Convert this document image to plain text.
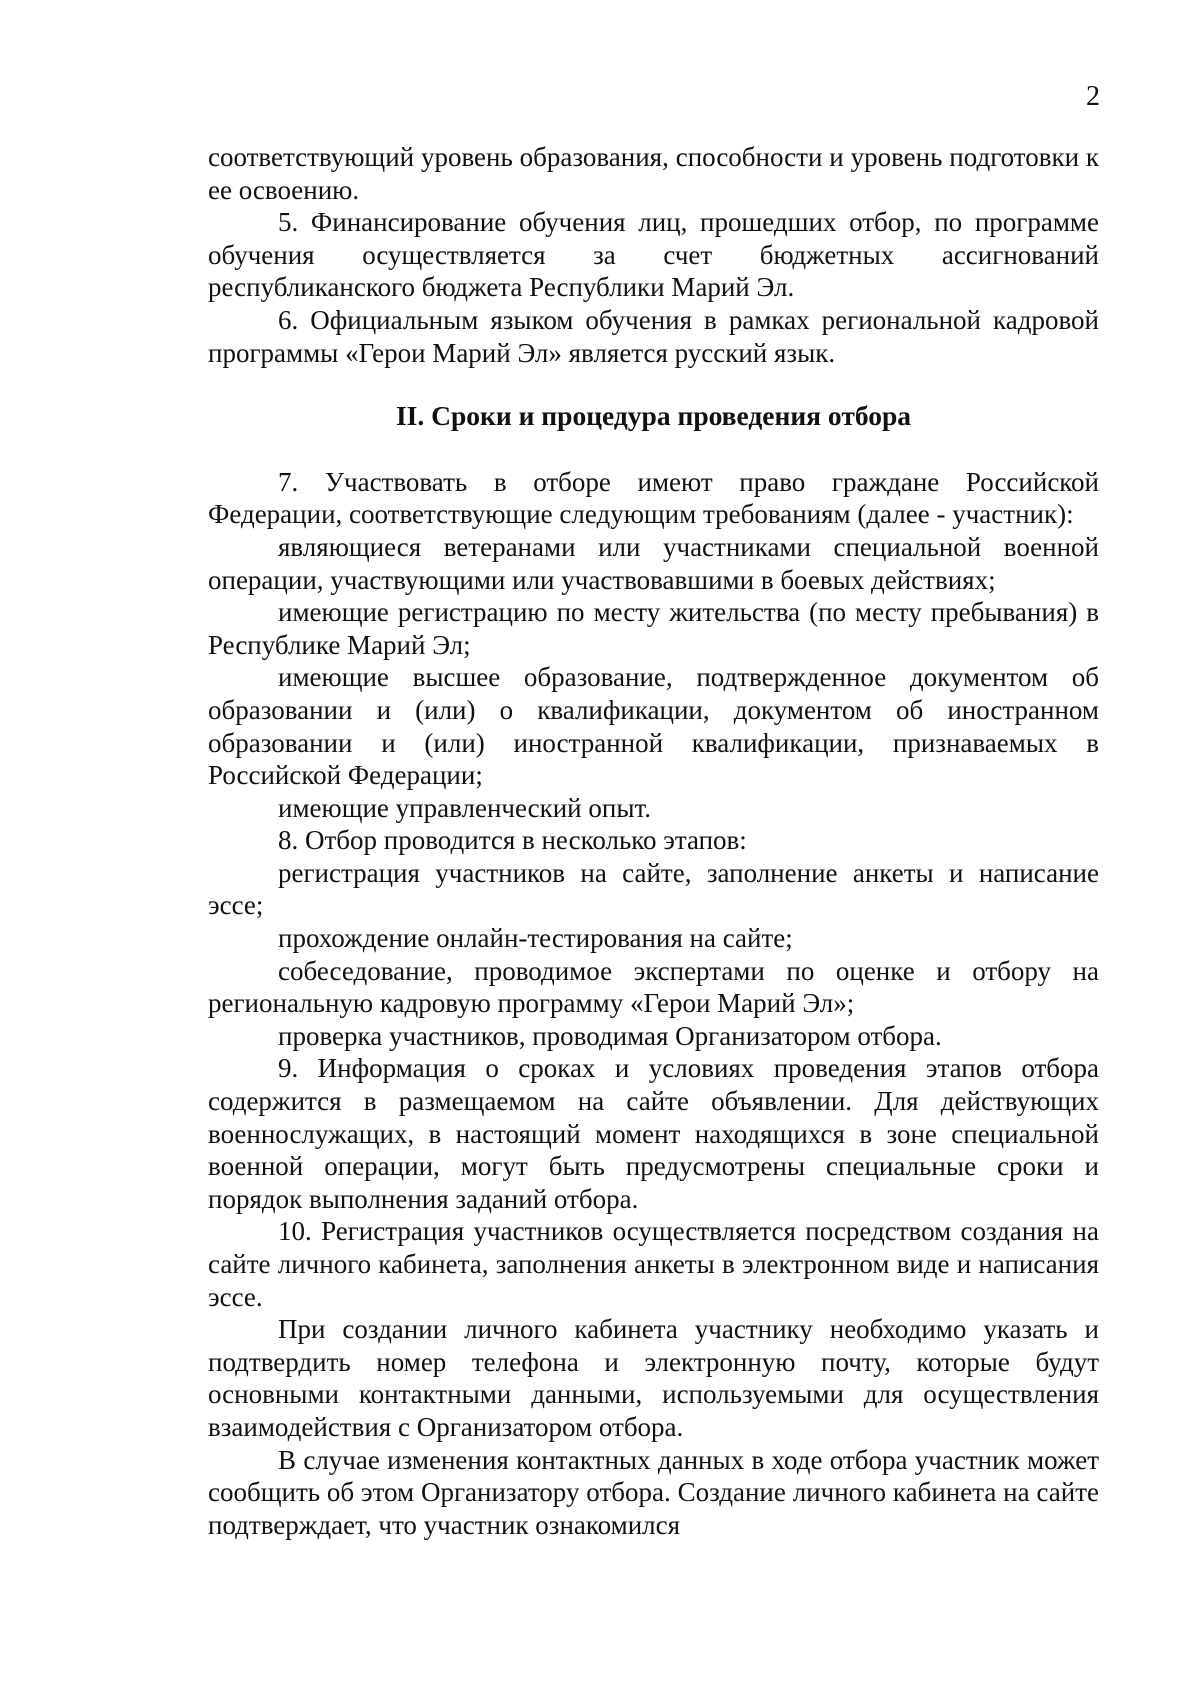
2

соответствующий уровень образования, способности и уровень подготовки к ее освоению.

5. Финансирование обучения лиц, прошедших отбор, по программе обучения осуществляется за счет бюджетных ассигнований республиканского бюджета Республики Марий Эл.

6. Официальным языком обучения в рамках региональной кадровой программы «Герои Марий Эл» является русский язык.

II. Сроки и процедура проведения отбора

7. Участвовать в отборе имеют право граждане Российской Федерации, соответствующие следующим требованиям (далее - участник):

являющиеся ветеранами или участниками специальной военной операции, участвующими или участвовавшими в боевых действиях;

имеющие регистрацию по месту жительства (по месту пребывания) в Республике Марий Эл;

имеющие высшее образование, подтвержденное документом об образовании и (или) о квалификации, документом об иностранном образовании и (или) иностранной квалификации, признаваемых в Российской Федерации;

имеющие управленческий опыт.

8. Отбор проводится в несколько этапов:

регистрация участников на сайте, заполнение анкеты и написание эссе;

прохождение онлайн-тестирования на сайте;

собеседование, проводимое экспертами по оценке и отбору на региональную кадровую программу «Герои Марий Эл»;

проверка участников, проводимая Организатором отбора.

9. Информация о сроках и условиях проведения этапов отбора содержится в размещаемом на сайте объявлении. Для действующих военнослужащих, в настоящий момент находящихся в зоне специальной военной операции, могут быть предусмотрены специальные сроки и порядок выполнения заданий отбора.

10. Регистрация участников осуществляется посредством создания на сайте личного кабинета, заполнения анкеты в электронном виде и написания эссе.

При создании личного кабинета участнику необходимо указать и подтвердить номер телефона и электронную почту, которые будут основными контактными данными, используемыми для осуществления взаимодействия с Организатором отбора.

В случае изменения контактных данных в ходе отбора участник может сообщить об этом Организатору отбора. Создание личного кабинета на сайте подтверждает, что участник ознакомился
